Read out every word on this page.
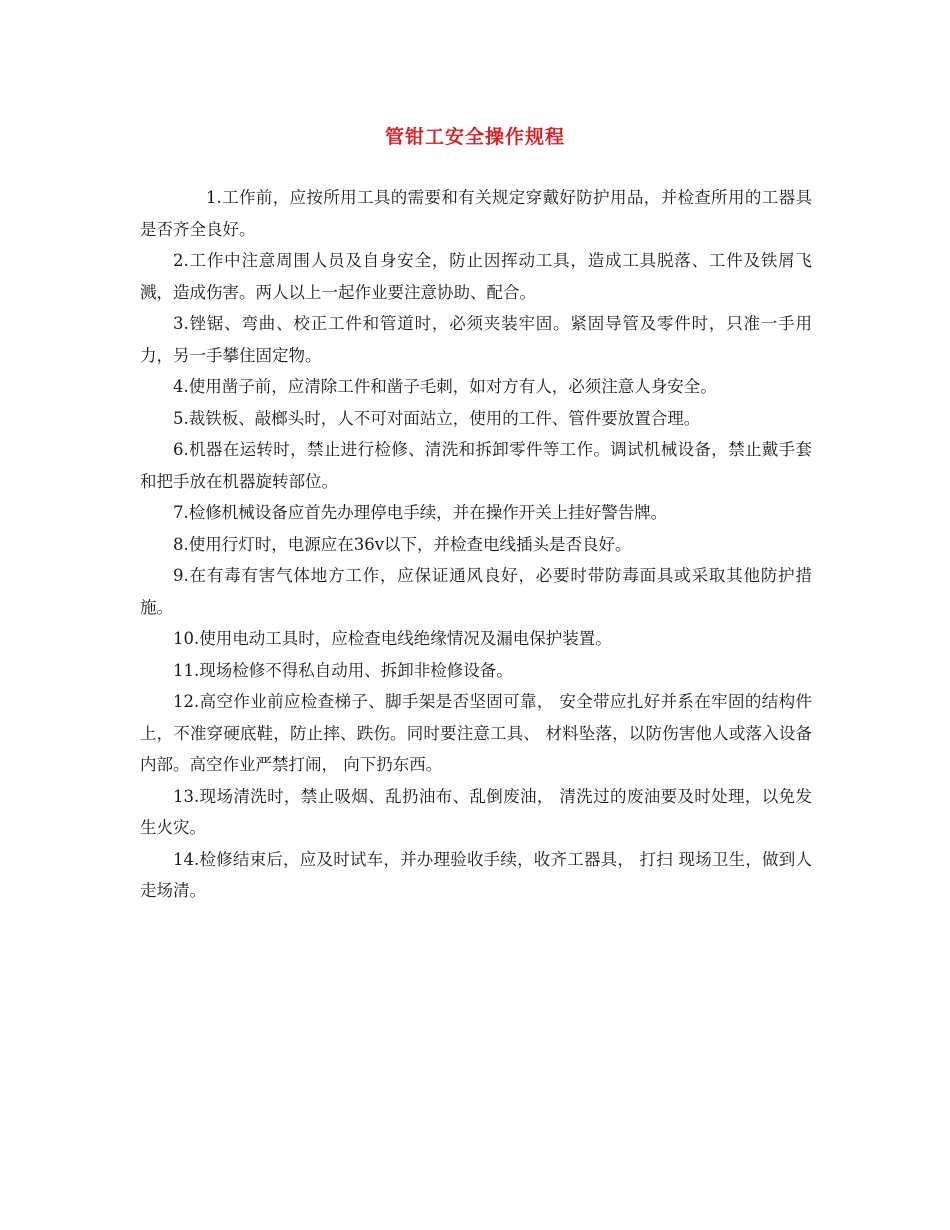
管钳工安全操作规程

1.工作前，应按所用工具的需要和有关规定穿戴好防护用品，并检查所用的工器具是否齐全良好。

2.工作中注意周围人员及自身安全，防止因挥动工具，造成工具脱落、工件及铁屑飞溅，造成伤害。两人以上一起作业要注意协助、配合。

3.锉锯、弯曲、校正工件和管道时，必须夹装牢固。紧固导管及零件时，只准一手用力，另一手攀住固定物。

4.使用凿子前，应清除工件和凿子毛刺，如对方有人，必须注意人身安全。

5.裁铁板、敲榔头时，人不可对面站立，使用的工件、管件要放置合理。

6.机器在运转时，禁止进行检修、清洗和拆卸零件等工作。调试机械设备，禁止戴手套和把手放在机器旋转部位。

7.检修机械设备应首先办理停电手续，并在操作开关上挂好警告牌。

8.使用行灯时，电源应在36v以下，并检查电线插头是否良好。

9.在有毒有害气体地方工作，应保证通风良好，必要时带防毒面具或采取其他防护措施。

10.使用电动工具时，应检查电线绝缘情况及漏电保护装置。

11.现场检修不得私自动用、拆卸非检修设备。

12.高空作业前应检查梯子、脚手架是否坚固可靠， 安全带应扎好并系在牢固的结构件上，不准穿硬底鞋，防止摔、跌伤。同时要注意工具、 材料坠落，以防伤害他人或落入设备内部。高空作业严禁打闹， 向下扔东西。

13.现场清洗时，禁止吸烟、乱扔油布、乱倒废油， 清洗过的废油要及时处理，以免发生火灾。

14.检修结束后，应及时试车，并办理验收手续，收齐工器具， 打扫 现场卫生，做到人走场清。
